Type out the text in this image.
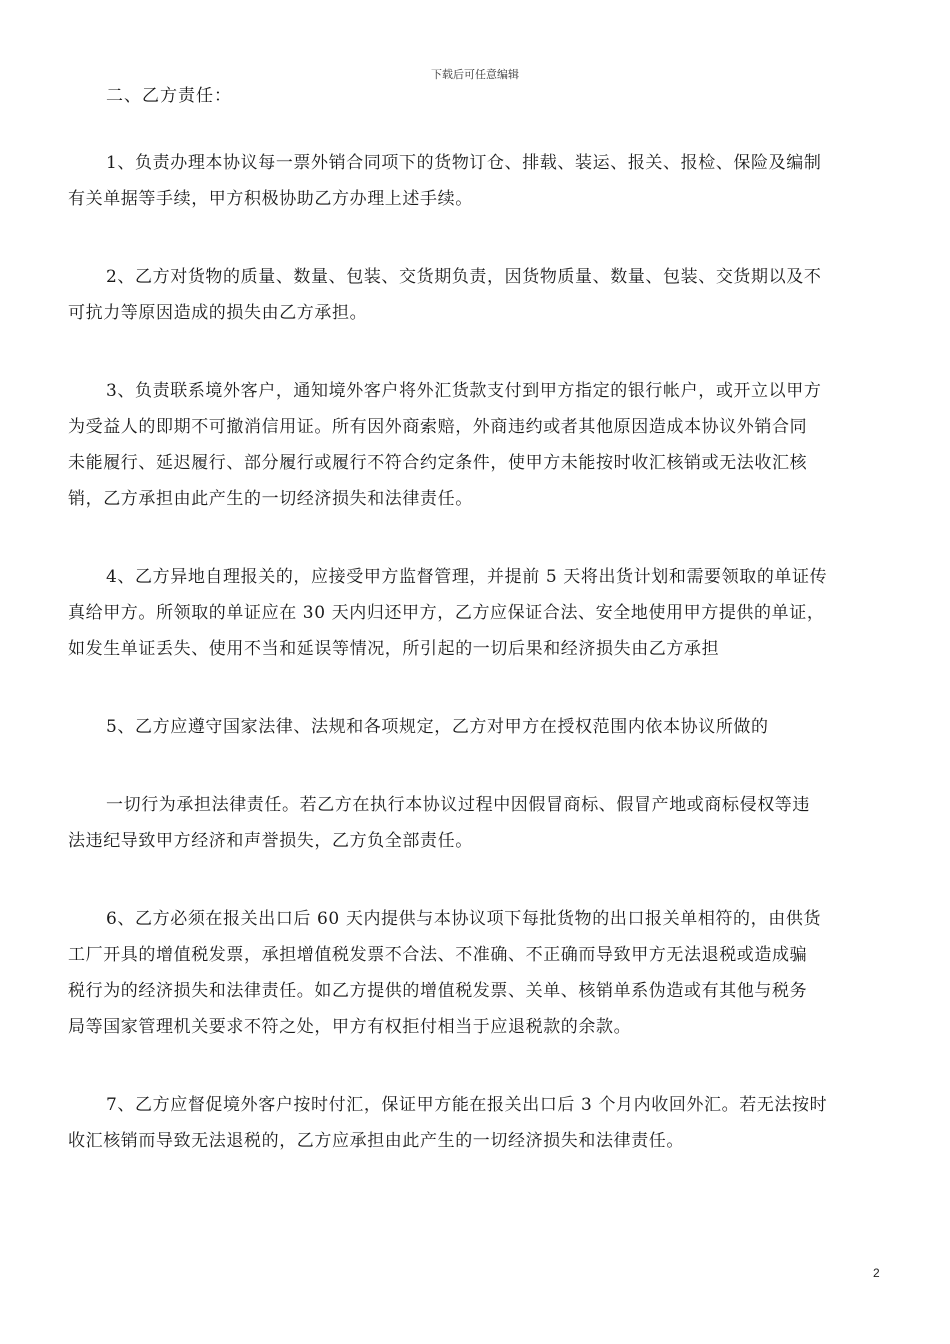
下载后可任意编辑
二、乙方责任：
1、负责办理本协议每一票外销合同项下的货物订仓、排载、装运、报关、报检、保险及编制
有关单据等手续，甲方积极协助乙方办理上述手续。
2、乙方对货物的质量、数量、包装、交货期负责，因货物质量、数量、包装、交货期以及不
可抗力等原因造成的损失由乙方承担。
3、负责联系境外客户，通知境外客户将外汇货款支付到甲方指定的银行帐户，或开立以甲方
为受益人的即期不可撤消信用证。所有因外商索赔，外商违约或者其他原因造成本协议外销合同
未能履行、延迟履行、部分履行或履行不符合约定条件，使甲方未能按时收汇核销或无法收汇核
销，乙方承担由此产生的一切经济损失和法律责任。
4、乙方异地自理报关的，应接受甲方监督管理，并提前 5 天将出货计划和需要领取的单证传
真给甲方。所领取的单证应在 30 天内归还甲方，乙方应保证合法、安全地使用甲方提供的单证，
如发生单证丢失、使用不当和延误等情况，所引起的一切后果和经济损失由乙方承担
5、乙方应遵守国家法律、法规和各项规定，乙方对甲方在授权范围内依本协议所做的
一切行为承担法律责任。若乙方在执行本协议过程中因假冒商标、假冒产地或商标侵权等违
法违纪导致甲方经济和声誉损失，乙方负全部责任。
6、乙方必须在报关出口后 60 天内提供与本协议项下每批货物的出口报关单相符的，由供货
工厂开具的增值税发票，承担增值税发票不合法、不准确、不正确而导致甲方无法退税或造成骗
税行为的经济损失和法律责任。如乙方提供的增值税发票、关单、核销单系伪造或有其他与税务
局等国家管理机关要求不符之处，甲方有权拒付相当于应退税款的余款。
7、乙方应督促境外客户按时付汇，保证甲方能在报关出口后 3 个月内收回外汇。若无法按时
收汇核销而导致无法退税的，乙方应承担由此产生的一切经济损失和法律责任。
2
